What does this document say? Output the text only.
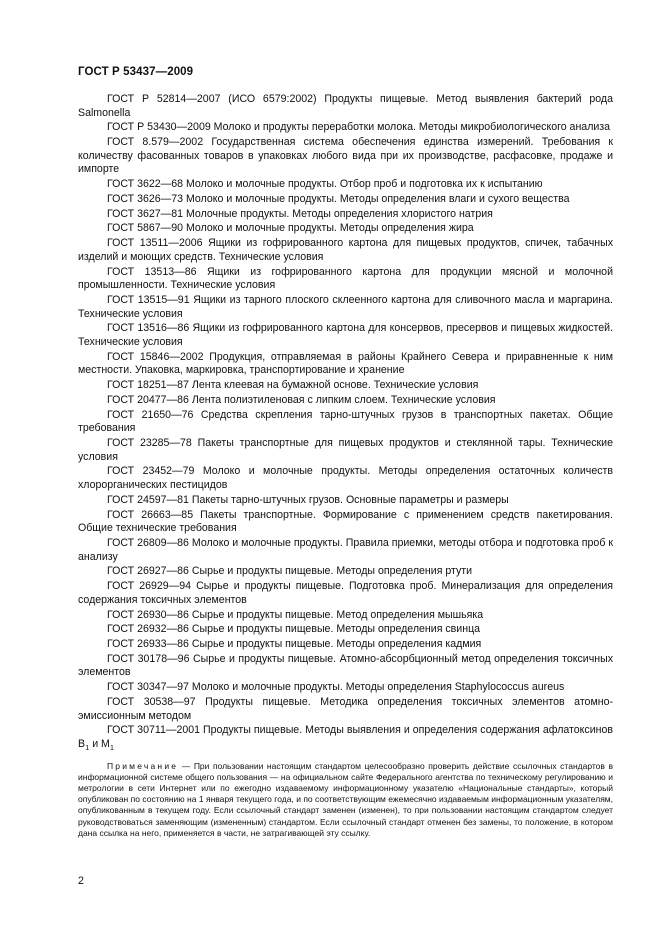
ГОСТ Р 53437—2009

ГОСТ Р 52814—2007 (ИСО 6579:2002) Продукты пищевые. Метод выявления бактерий рода Salmonella

ГОСТ Р 53430—2009 Молоко и продукты переработки молока. Методы микробиологического анализа

ГОСТ 8.579—2002 Государственная система обеспечения единства измерений. Требования к количеству фасованных товаров в упаковках любого вида при их производстве, расфасовке, продаже и импорте

ГОСТ 3622—68 Молоко и молочные продукты. Отбор проб и подготовка их к испытанию

ГОСТ 3626—73 Молоко и молочные продукты. Методы определения влаги и сухого вещества

ГОСТ 3627—81 Молочные продукты. Методы определения хлористого натрия

ГОСТ 5867—90 Молоко и молочные продукты. Методы определения жира

ГОСТ 13511—2006 Ящики из гофрированного картона для пищевых продуктов, спичек, табачных изделий и моющих средств. Технические условия

ГОСТ 13513—86 Ящики из гофрированного картона для продукции мясной и молочной промышленности. Технические условия

ГОСТ 13515—91 Ящики из тарного плоского склеенного картона для сливочного масла и маргарина. Технические условия

ГОСТ 13516—86 Ящики из гофрированного картона для консервов, пресервов и пищевых жидкостей. Технические условия

ГОСТ 15846—2002 Продукция, отправляемая в районы Крайнего Севера и приравненные к ним местности. Упаковка, маркировка, транспортирование и хранение

ГОСТ 18251—87 Лента клеевая на бумажной основе. Технические условия

ГОСТ 20477—86 Лента полиэтиленовая с липким слоем. Технические условия

ГОСТ 21650—76 Средства скрепления тарно-штучных грузов в транспортных пакетах. Общие требования

ГОСТ 23285—78 Пакеты транспортные для пищевых продуктов и стеклянной тары. Технические условия

ГОСТ 23452—79 Молоко и молочные продукты. Методы определения остаточных количеств хлорорганических пестицидов

ГОСТ 24597—81 Пакеты тарно-штучных грузов. Основные параметры и размеры

ГОСТ 26663—85 Пакеты транспортные. Формирование с применением средств пакетирования. Общие технические требования

ГОСТ 26809—86 Молоко и молочные продукты. Правила приемки, методы отбора и подготовка проб к анализу

ГОСТ 26927—86 Сырье и продукты пищевые. Методы определения ртути

ГОСТ 26929—94 Сырье и продукты пищевые. Подготовка проб. Минерализация для определения содержания токсичных элементов

ГОСТ 26930—86 Сырье и продукты пищевые. Метод определения мышьяка

ГОСТ 26932—86 Сырье и продукты пищевые. Методы определения свинца

ГОСТ 26933—86 Сырье и продукты пищевые. Методы определения кадмия

ГОСТ 30178—96 Сырье и продукты пищевые. Атомно-абсорбционный метод определения токсичных элементов

ГОСТ 30347—97 Молоко и молочные продукты. Методы определения Staphylococcus aureus

ГОСТ 30538—97 Продукты пищевые. Методика определения токсичных элементов атомно-эмиссионным методом

ГОСТ 30711—2001 Продукты пищевые. Методы выявления и определения содержания афлатоксинов $B_1$ и $M_1$

Примечание — При пользовании настоящим стандартом целесообразно проверить действие ссылочных стандартов в информационной системе общего пользования — на официальном сайте Федерального агентства по техническому регулированию и метрологии в сети Интернет или по ежегодно издаваемому информационному указателю «Национальные стандарты», который опубликован по состоянию на 1 января текущего года, и по соответствующим ежемесячно издаваемым информационным указателям, опубликованным в текущем году. Если ссылочный стандарт заменен (изменен), то при пользовании настоящим стандартом следует руководствоваться заменяющим (измененным) стандартом. Если ссылочный стандарт отменен без замены, то положение, в котором дана ссылка на него, применяется в части, не затрагивающей эту ссылку.

2
